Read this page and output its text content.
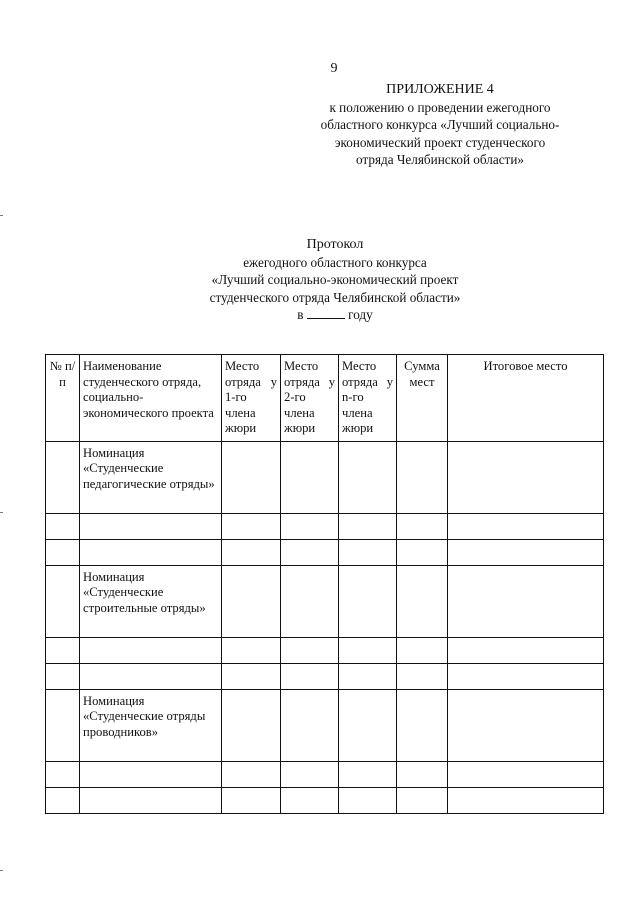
9
ПРИЛОЖЕНИЕ 4
к положению о проведении ежегодного
областного конкурса «Лучший социально-
экономический проект студенческого
отряда Челябинской области»
Протокол
ежегодного областного конкурса
«Лучший социально-экономический проект
студенческого отряда Челябинской области»
в	году
№ п/п	Наименование студенческого отряда, социально-экономического проекта	Место отряда у 1-го члена жюри	Место отряда у 2-го члена жюри	Место отряда у n-го члена жюри	Сумма мест	Итоговое место
	Номинация «Студенческие педагогические отряды»					

	Номинация «Студенческие строительные отряды»					

	Номинация «Студенческие отряды проводников»					
